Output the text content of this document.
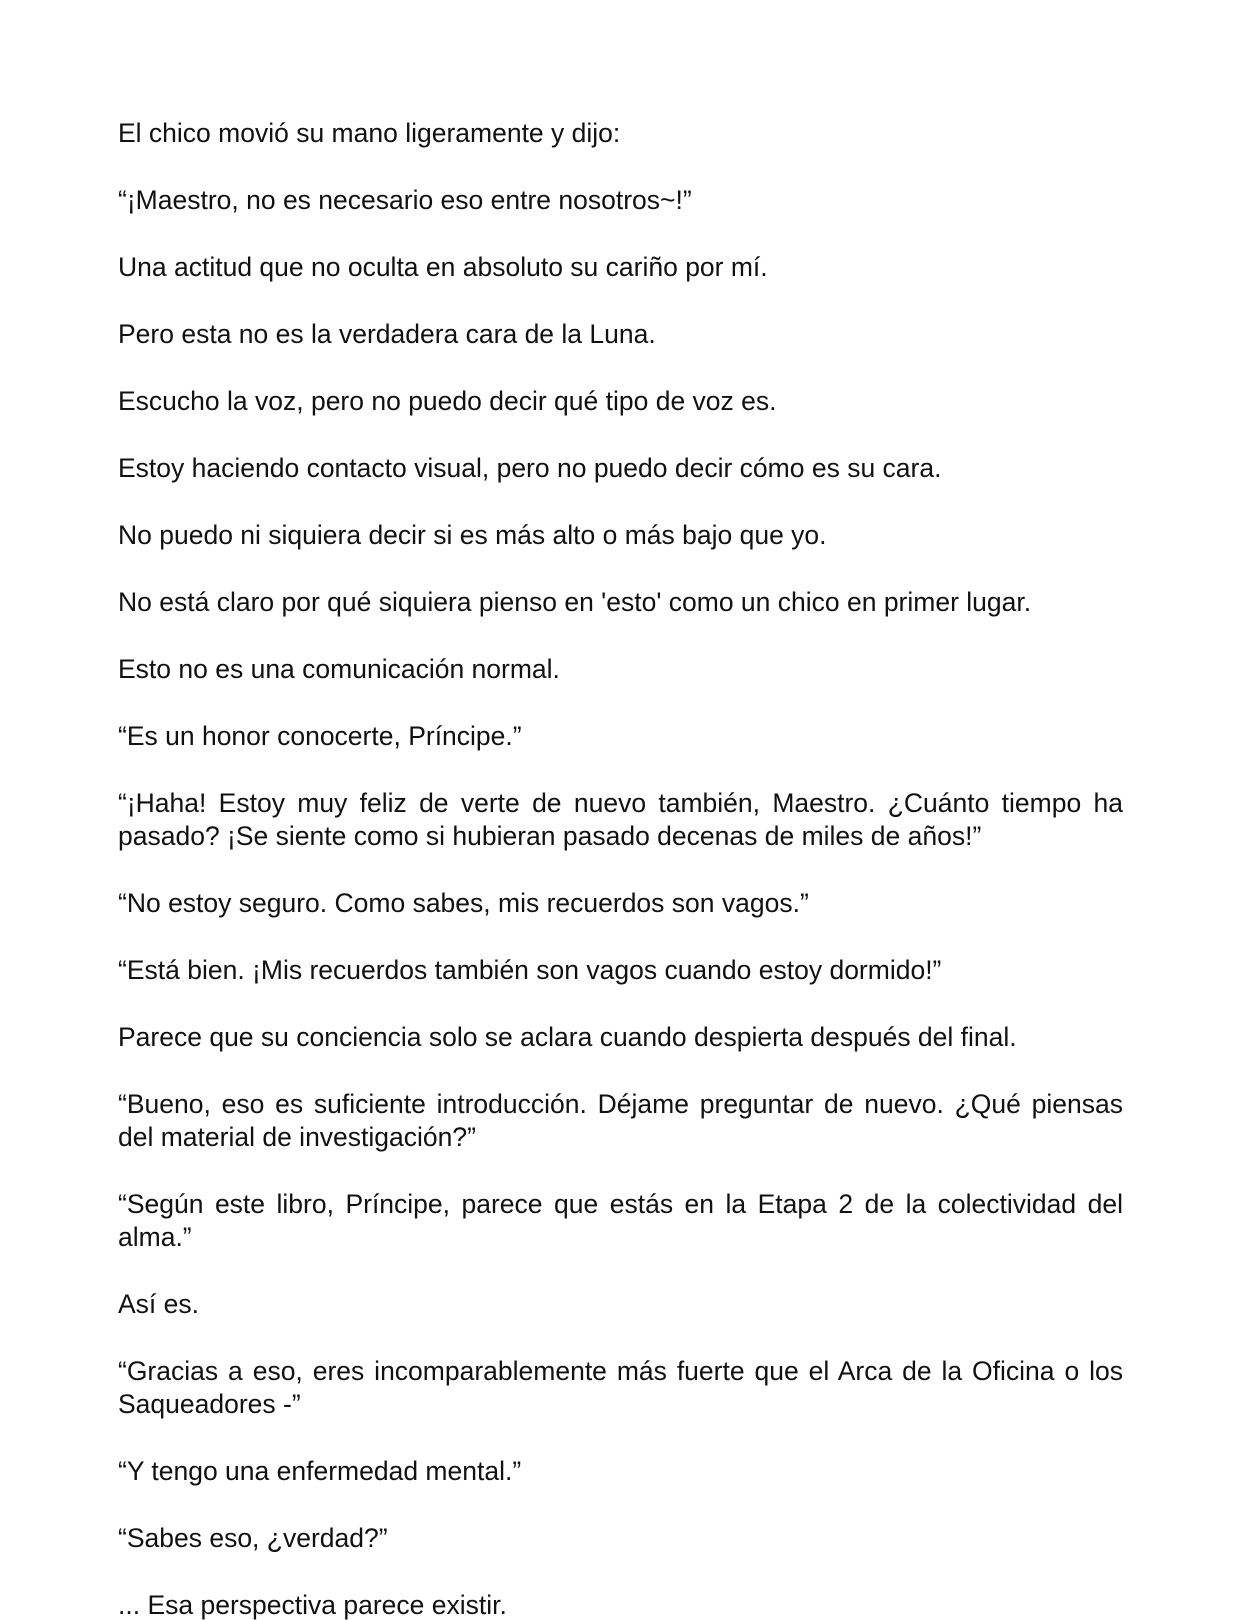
El chico movió su mano ligeramente y dijo:

“¡Maestro, no es necesario eso entre nosotros~!”

Una actitud que no oculta en absoluto su cariño por mí.

Pero esta no es la verdadera cara de la Luna.

Escucho la voz, pero no puedo decir qué tipo de voz es.

Estoy haciendo contacto visual, pero no puedo decir cómo es su cara.

No puedo ni siquiera decir si es más alto o más bajo que yo.

No está claro por qué siquiera pienso en 'esto' como un chico en primer lugar.

Esto no es una comunicación normal.

“Es un honor conocerte, Príncipe.”

“¡Haha! Estoy muy feliz de verte de nuevo también, Maestro. ¿Cuánto tiempo ha pasado? ¡Se siente como si hubieran pasado decenas de miles de años!”

“No estoy seguro. Como sabes, mis recuerdos son vagos.”

“Está bien. ¡Mis recuerdos también son vagos cuando estoy dormido!”

Parece que su conciencia solo se aclara cuando despierta después del final.

“Bueno, eso es suficiente introducción. Déjame preguntar de nuevo. ¿Qué piensas del material de investigación?”

“Según este libro, Príncipe, parece que estás en la Etapa 2 de la colectividad del alma.”

Así es.

“Gracias a eso, eres incomparablemente más fuerte que el Arca de la Oficina o los Saqueadores -”

“Y tengo una enfermedad mental.”

“Sabes eso, ¿verdad?”

... Esa perspectiva parece existir.
